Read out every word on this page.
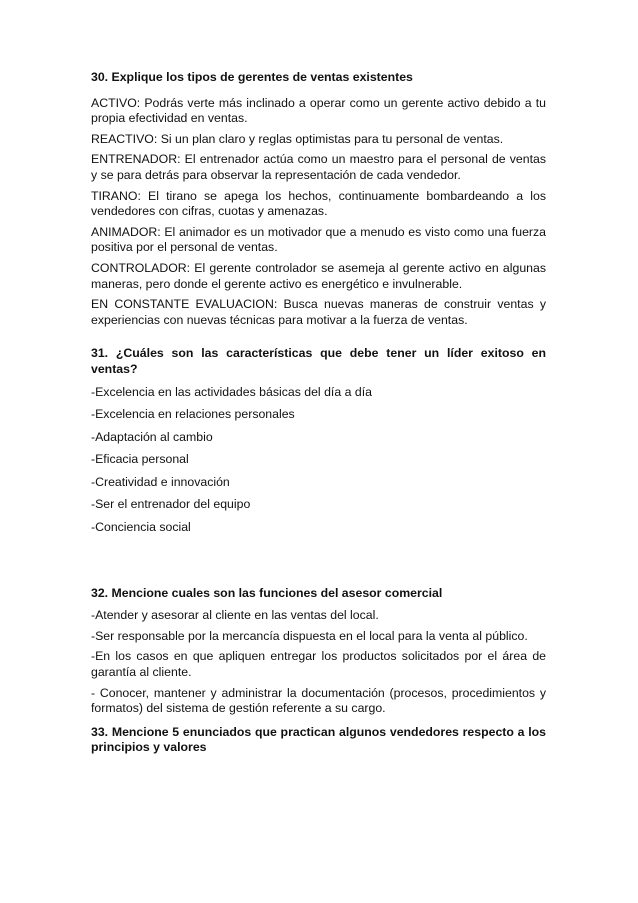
30. Explique los tipos de gerentes de ventas existentes

ACTIVO: Podrás verte más inclinado a operar como un gerente activo debido a tu propia efectividad en ventas.

REACTIVO: Si un plan claro y reglas optimistas para tu personal de ventas.

ENTRENADOR: El entrenador actúa como un maestro para el personal de ventas y se para detrás para observar la representación de cada vendedor.

TIRANO: El tirano se apega los hechos, continuamente bombardeando a los vendedores con cifras, cuotas y amenazas.

ANIMADOR: El animador es un motivador que a menudo es visto como una fuerza positiva por el personal de ventas.

CONTROLADOR: El gerente controlador se asemeja al gerente activo en algunas maneras, pero donde el gerente activo es energético e invulnerable.

EN CONSTANTE EVALUACION: Busca nuevas maneras de construir ventas y experiencias con nuevas técnicas para motivar a la fuerza de ventas.

31. ¿Cuáles son las características que debe tener un líder exitoso en ventas?

-Excelencia en las actividades básicas del día a día

-Excelencia en relaciones personales

-Adaptación al cambio

-Eficacia personal

-Creatividad e innovación

-Ser el entrenador del equipo

-Conciencia social

32. Mencione cuales son las funciones del asesor comercial

-Atender y asesorar al cliente en las ventas del local.

-Ser responsable por la mercancía dispuesta en el local para la venta al público.

-En los casos en que apliquen entregar los productos solicitados por el área de garantía al cliente.

- Conocer, mantener y administrar la documentación (procesos, procedimientos y formatos) del sistema de gestión referente a su cargo.

33. Mencione 5 enunciados que practican algunos vendedores respecto a los principios y valores
